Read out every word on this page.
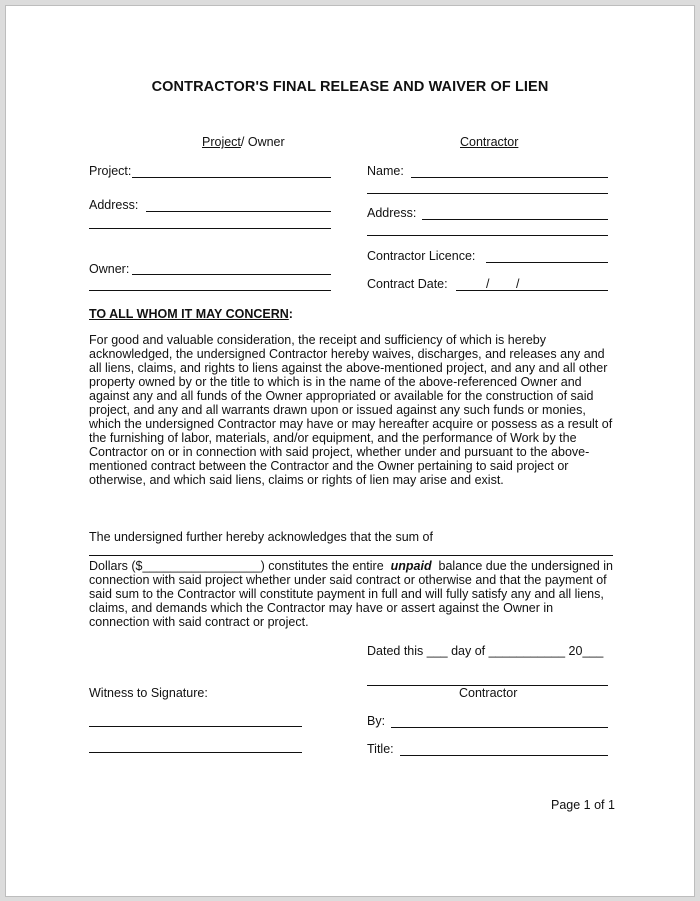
CONTRACTOR'S FINAL RELEASE AND WAIVER OF LIEN
Project/ Owner	Contractor
Project:
Address:
Owner:
Name:
Address:
Contractor Licence:
Contract Date:	/ /
TO ALL WHOM IT MAY CONCERN:
For good and valuable consideration, the receipt and sufficiency of which is hereby acknowledged, the undersigned Contractor hereby waives, discharges, and releases any and all liens, claims, and rights to liens against the above-mentioned project, and any and all other property owned by or the title to which is in the name of the above-referenced Owner and against any and all funds of the Owner appropriated or available for the construction of said project, and any and all warrants drawn upon or issued against any such funds or monies, which the undersigned Contractor may have or may hereafter acquire or possess as a result of the furnishing of labor, materials, and/or equipment, and the performance of Work by the Contractor on or in connection with said project, whether under and pursuant to the above-mentioned contract between the Contractor and the Owner pertaining to said project or otherwise, and which said liens, claims or rights of lien may arise and exist.
The undersigned further hereby acknowledges that the sum of
Dollars ($_________________) constitutes the entire unpaid balance due the undersigned in
connection with said project whether under said contract or otherwise and that the payment of said sum to the Contractor will constitute payment in full and will fully satisfy any and all liens, claims, and demands which the Contractor may have or assert against the Owner in connection with said contract or project.
Dated this ___ day of ___________ 20___
Contractor
Witness to Signature:
By:
Title:
Page 1 of 1
